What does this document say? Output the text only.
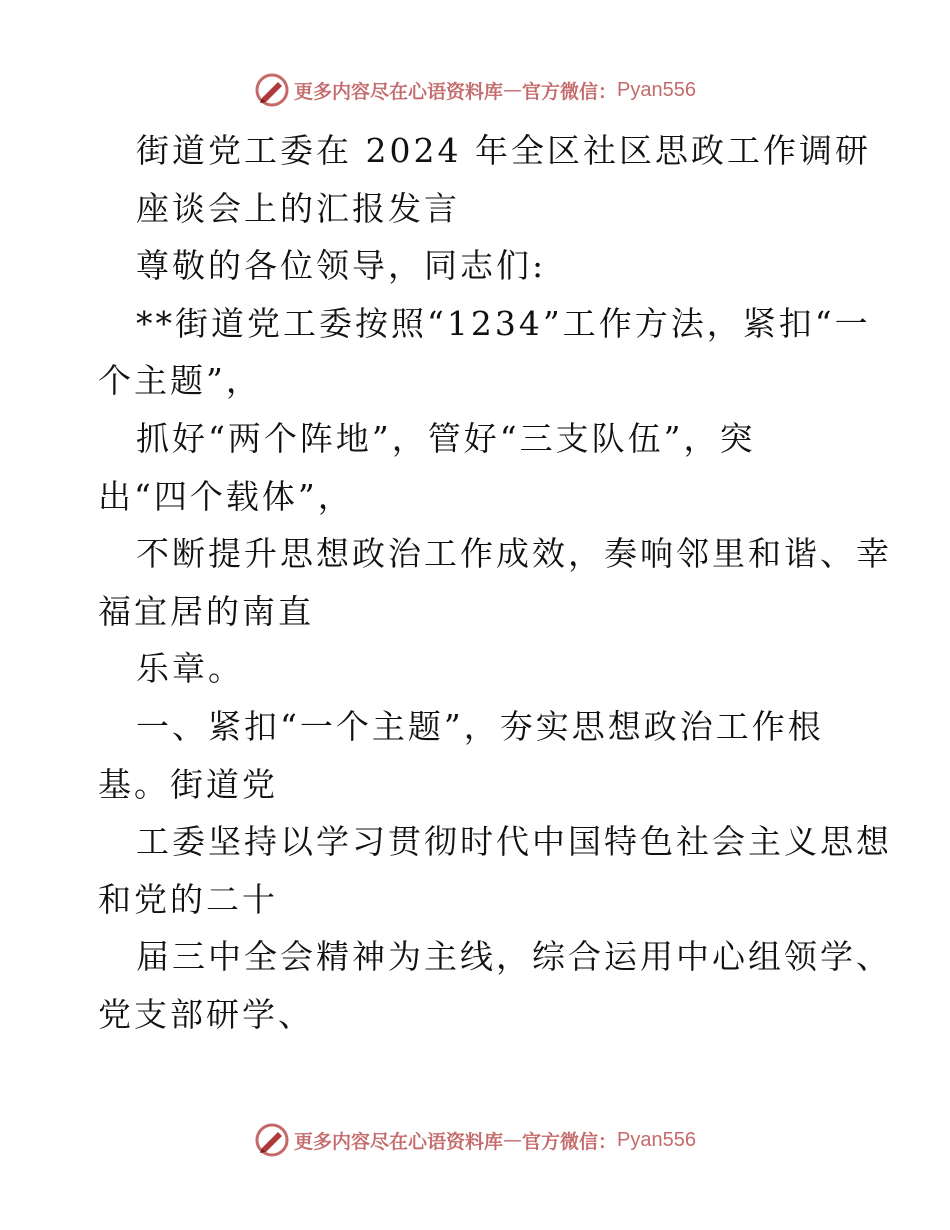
更多内容尽在心语资料库 — 官方微信： Pyan556
街道党工委在 2024 年全区社区思政工作调研
座谈会上的汇报发言
尊敬的各位领导，同志们:
**街道党工委按照“1234”工作方法，紧扣“一
个主题”，
抓好“两个阵地”，管好“三支队伍”，突
出“四个载体”，
不断提升思想政治工作成效，奏响邻里和谐、幸
福宜居的南直
乐章。
一、紧扣“一个主题”，夯实思想政治工作根
基。街道党
工委坚持以学习贯彻时代中国特色社会主义思想
和党的二十
届三中全会精神为主线，综合运用中心组领学、
党支部研学、
更多内容尽在心语资料库 — 官方微信： Pyan556
